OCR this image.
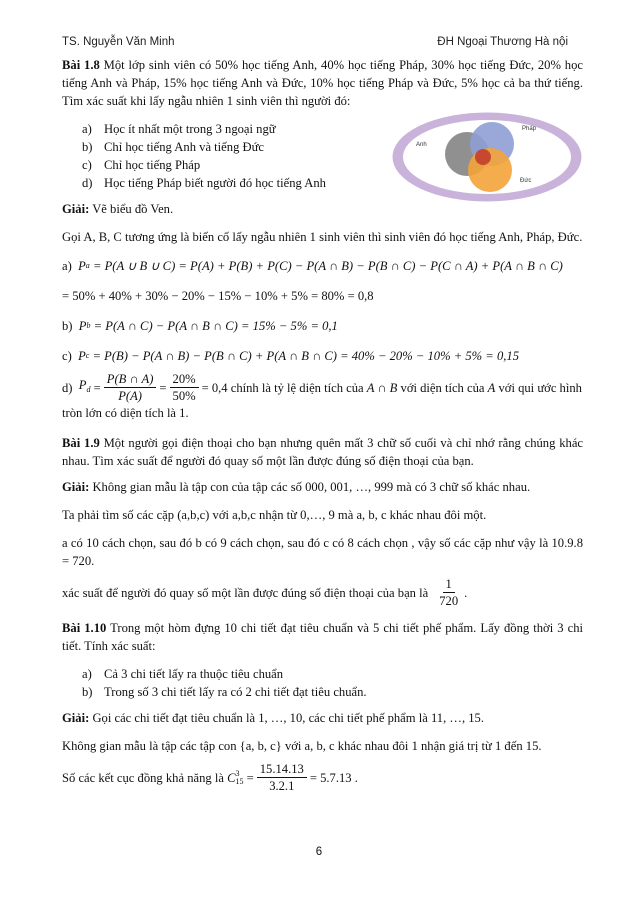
TS. Nguyễn Văn Minh	ĐH Ngoại Thương Hà nội
Anh
Pháp
Đức

Bài 1.8 Một lớp sinh viên có 50% học tiếng Anh, 40% học tiếng Pháp, 30% học tiếng Đức, 20% học tiếng Anh và Pháp, 15% học tiếng Anh và Đức, 10% học tiếng Pháp và Đức, 5% học cả ba thứ tiếng. Tìm xác suất khi lấy ngẫu nhiên 1 sinh viên thì người đó:

a) Học ít nhất một trong 3 ngoại ngữ
b) Chỉ học tiếng Anh và tiếng Đức
c) Chỉ học tiếng Pháp
d) Học tiếng Pháp biết người đó học tiếng Anh

Giải: Vẽ biểu đồ Ven.

Gọi A, B, C tương ứng là biến cố lấy ngẫu nhiên 1 sinh viên thì sinh viên đó học tiếng Anh, Pháp, Đức.

a) P a = P(A ∪ B ∪ C) = P(A) + P(B) + P(C) − P(A ∩ B) − P(B ∩ C) − P(C ∩ A) + P(A ∩ B ∩ C)
= 50% + 40% + 30% − 20% − 15% − 10% + 5% = 80% = 0,8
b) P b = P(A ∩ C) − P(A ∩ B ∩ C) = 15% − 5% = 0,1
c) P c = P(B) − P(A ∩ B) − P(B ∩ C) + P(A ∩ B ∩ C) = 40% − 20% − 10% + 5% = 0,15
d)
$P_d = \frac{P(B \cap A)}{P(A)} = \frac{20\%}{50\%} = 0,4$ chính là tỷ lệ diện tích của
A ∩ B
với diện tích của
A
với qui ước hình

tròn lớn có diện tích là 1.

Bài 1.9 Một người gọi điện thoại cho bạn nhưng quên mất 3 chữ số cuối và chỉ nhớ rằng chúng khác nhau. Tìm xác suất để người đó quay số một lần được đúng số điện thoại của bạn.

Giải: Không gian mẫu là tập con của tập các số 000, 001, …, 999 mà có 3 chữ số khác nhau.

Ta phải tìm số các cặp (a,b,c) với a,b,c nhận từ 0,…, 9 mà a, b, c khác nhau đôi một.

a có 10 cách chọn, sau đó b có 9 cách chọn, sau đó c có 8 cách chọn , vậy số các cặp như vậy là 10.9.8 = 720.

xác suất để người đó quay số một lần được đúng số điện thoại của bạn là $\frac{1}{720}$ .

Bài 1.10 Trong một hòm đựng 10 chi tiết đạt tiêu chuẩn và 5 chi tiết phế phẩm. Lấy đồng thời 3 chi tiết. Tính xác suất:

a) Cả 3 chi tiết lấy ra thuộc tiêu chuẩn
b) Trong số 3 chi tiết lấy ra có 2 chi tiết đạt tiêu chuẩn.

Giải: Gọi các chi tiết đạt tiêu chuẩn là 1, …, 10, các chi tiết phế phẩm là 11, …, 15.

Không gian mẫu là tập các tập con {a, b, c} với a, b, c khác nhau đôi 1 nhận giá trị từ 1 đến 15.

Số các kết cục đồng khả năng là
C 3
$15 = \frac{15.14.13}{3.2.1} = 5.7.13$ .
6
